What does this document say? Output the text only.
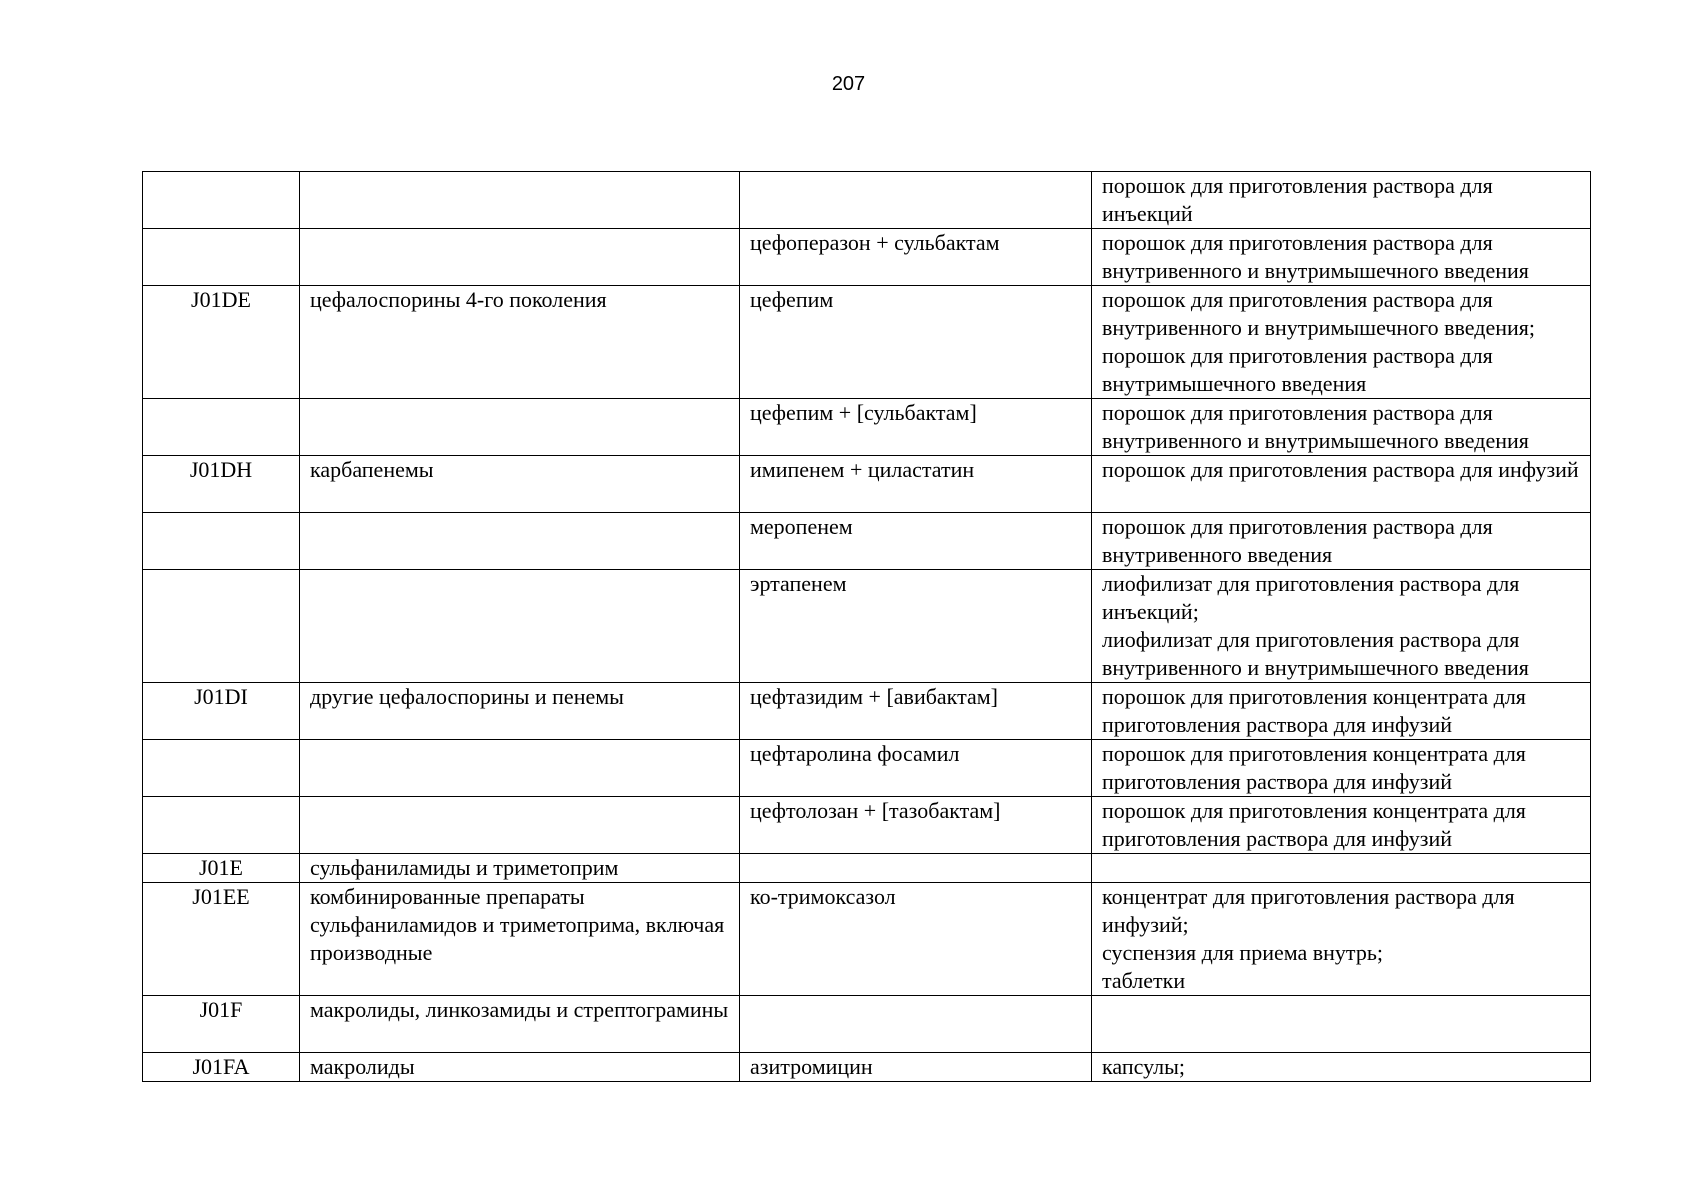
207
			порошок для приготовления раствора для инъекций
		цефоперазон + сульбактам	порошок для приготовления раствора для внутривенного и внутримышечного введения
J01DE	цефалоспорины 4-го поколения	цефепим	порошок для приготовления раствора для внутривенного и внутримышечного введения;
порошок для приготовления раствора для внутримышечного введения
		цефепим + [сульбактам]	порошок для приготовления раствора для внутривенного и внутримышечного введения
J01DH	карбапенемы	имипенем + циластатин	порошок для приготовления раствора для инфузий
		меропенем	порошок для приготовления раствора для внутривенного введения
		эртапенем	лиофилизат для приготовления раствора для инъекций;
лиофилизат для приготовления раствора для внутривенного и внутримышечного введения
J01DI	другие цефалоспорины и пенемы	цефтазидим + [авибактам]	порошок для приготовления концентрата для приготовления раствора для инфузий
		цефтаролина фосамил	порошок для приготовления концентрата для приготовления раствора для инфузий
		цефтолозан + [тазобактам]	порошок для приготовления концентрата для приготовления раствора для инфузий
J01E	сульфаниламиды и триметоприм		
J01EE	комбинированные препараты сульфаниламидов и триметоприма, включая производные	ко-тримоксазол	концентрат для приготовления раствора для инфузий;
суспензия для приема внутрь;
таблетки
J01F	макролиды, линкозамиды и стрептограмины		
J01FA	макролиды	азитромицин	капсулы;
